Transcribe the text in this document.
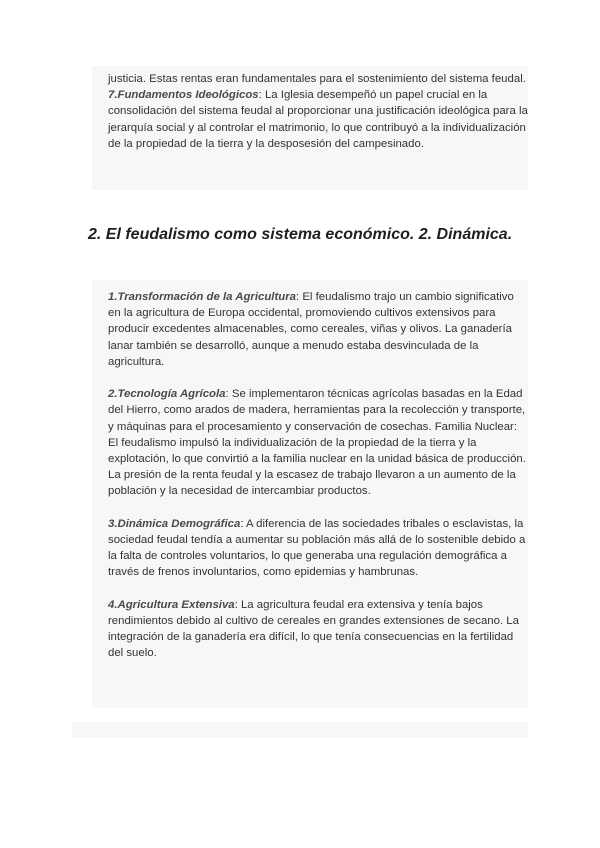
justicia. Estas rentas eran fundamentales para el sostenimiento del sistema feudal.
7.Fundamentos Ideológicos: La Iglesia desempeñó un papel crucial en la consolidación del sistema feudal al proporcionar una justificación ideológica para la jerarquía social y al controlar el matrimonio, lo que contribuyó a la individualización de la propiedad de la tierra y la desposesión del campesinado.

2. El feudalismo como sistema económico. 2. Dinámica.

1.Transformación de la Agricultura: El feudalismo trajo un cambio significativo en la agricultura de Europa occidental, promoviendo cultivos extensivos para producir excedentes almacenables, como cereales, viñas y olivos. La ganadería lanar también se desarrolló, aunque a menudo estaba desvinculada de la agricultura.

2.Tecnología Agrícola: Se implementaron técnicas agrícolas basadas en la Edad del Hierro, como arados de madera, herramientas para la recolección y transporte, y máquinas para el procesamiento y conservación de cosechas. Familia Nuclear: El feudalismo impulsó la individualización de la propiedad de la tierra y la explotación, lo que convirtió a la familia nuclear en la unidad básica de producción. La presión de la renta feudal y la escasez de trabajo llevaron a un aumento de la población y la necesidad de intercambiar productos.

3.Dinámica Demográfica: A diferencia de las sociedades tribales o esclavistas, la sociedad feudal tendía a aumentar su población más allá de lo sostenible debido a la falta de controles voluntarios, lo que generaba una regulación demográfica a través de frenos involuntarios, como epidemias y hambrunas.

4.Agricultura Extensiva: La agricultura feudal era extensiva y tenía bajos rendimientos debido al cultivo de cereales en grandes extensiones de secano. La integración de la ganadería era difícil, lo que tenía consecuencias en la fertilidad del suelo.
